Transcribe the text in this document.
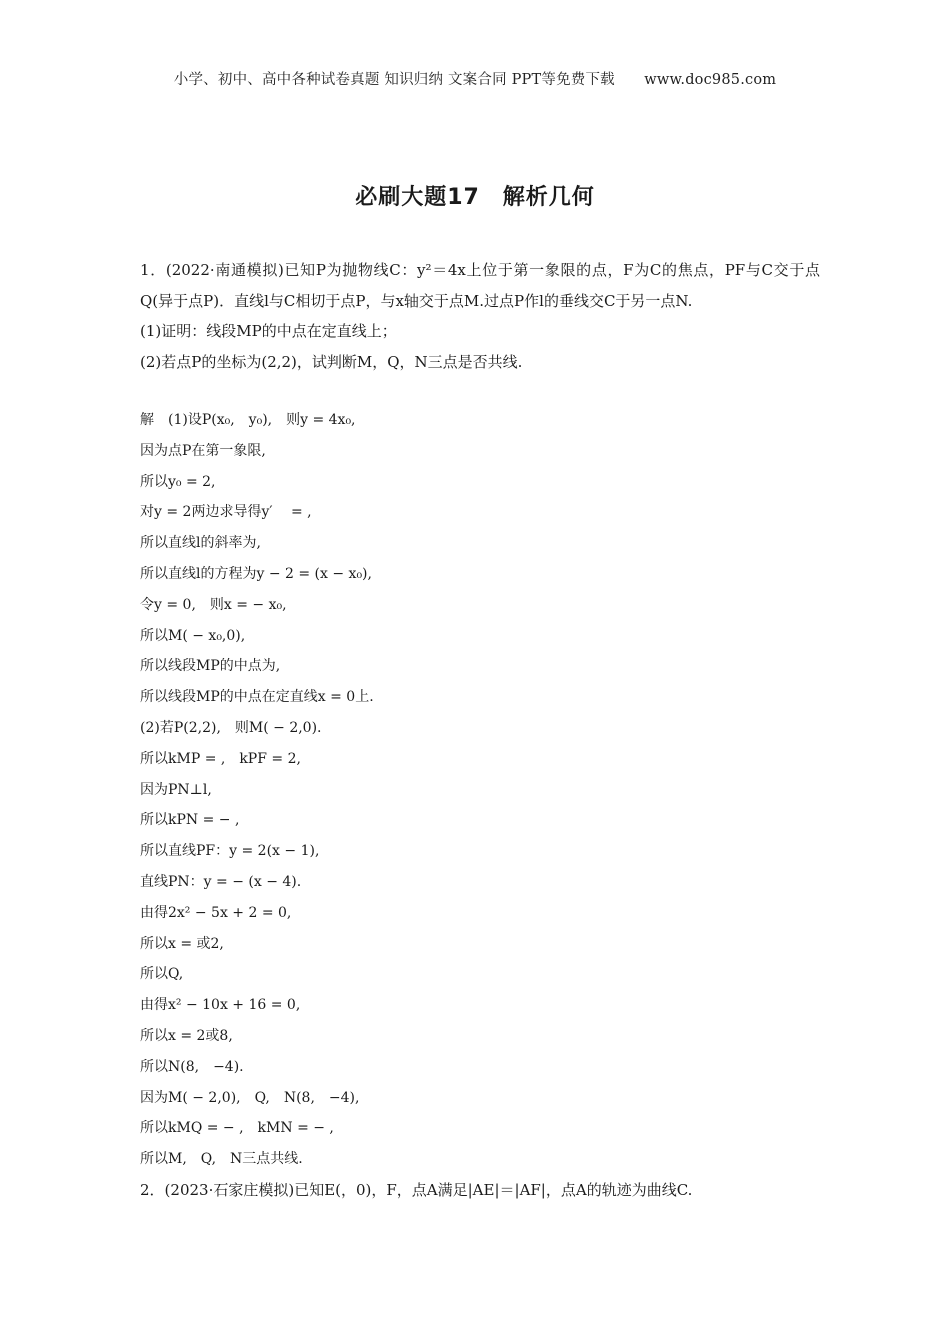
小学、初中、高中各种试卷真题 知识归纳 文案合同 PPT等免费下载　　www.doc985.com
必刷大题17　解析几何

1．(2022·南通模拟)已知P为抛物线C：y²＝4x上位于第一象限的点，F为C的焦点，PF与C交于点Q(异于点P)．直线l与C相切于点P，与x轴交于点M.过点P作l的垂线交C于另一点N.

(1)证明：线段MP的中点在定直线上；

(2)若点P的坐标为(2,2)，试判断M，Q，N三点是否共线.

解　(1)设P(x₀,　y₀),　则y = 4x₀,
因为点P在第一象限,
所以y₀ = 2,
对y = 2两边求导得y′　 = ,
所以直线l的斜率为,
所以直线l的方程为y − 2 = (x − x₀),
令y = 0,　则x = − x₀,
所以M( − x₀,0),
所以线段MP的中点为,
所以线段MP的中点在定直线x = 0上.
(2)若P(2,2),　则M( − 2,0).
所以kMP = ,　kPF = 2,
因为PN⊥l,
所以kPN = − ,
所以直线PF：y = 2(x − 1),
直线PN：y = − (x − 4).
由得2x² − 5x + 2 = 0,
所以x = 或2,
所以Q,
由得x² − 10x + 16 = 0,
所以x = 2或8,
所以N(8,　−4).
因为M( − 2,0),　Q,　N(8,　−4),
所以kMQ = − ,　kMN = − ,
所以M,　Q,　N三点共线.
2．(2023·石家庄模拟)已知E(，0)，F，点A满足|AE|＝|AF|，点A的轨迹为曲线C.
